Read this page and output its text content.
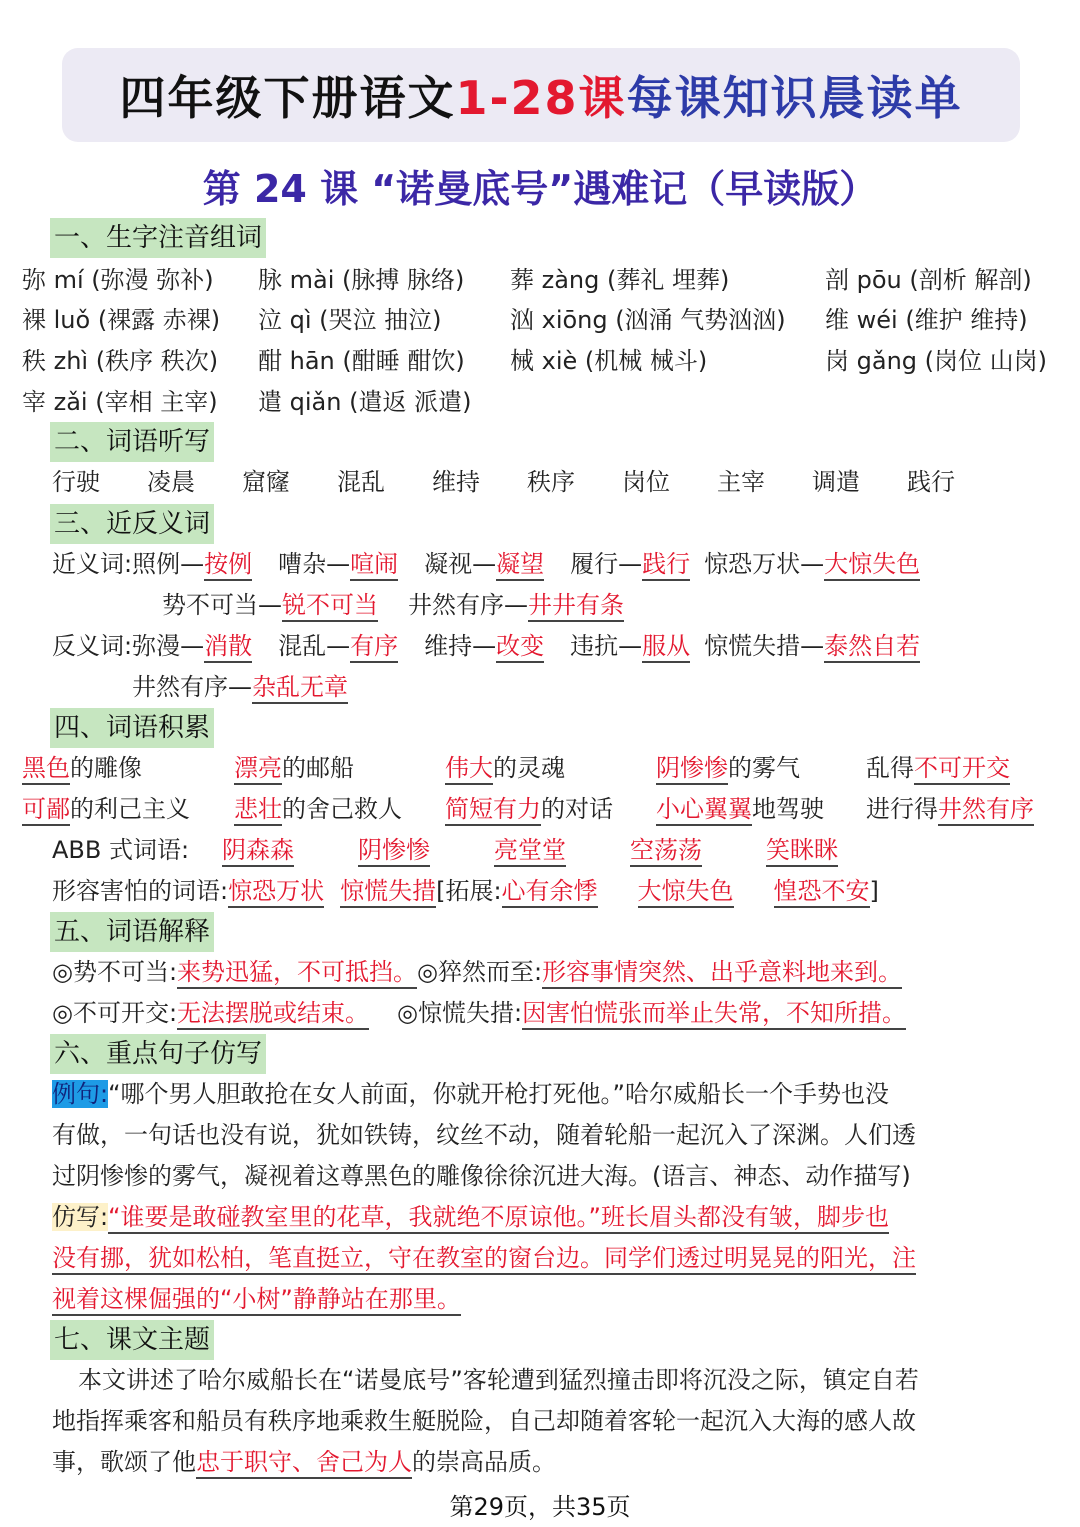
四年级下册语文 1-28课 每课知识晨读单
第 24 课 “诺曼底号”遇难记（早读版）
一、生字注音组词
弥 mí (弥漫 弥补) 脉 mài (脉搏 脉络) 葬 zàng (葬礼 埋葬)	剖 pōu (剖析 解剖)
裸 luǒ (裸露 赤裸) 泣 qì (哭泣 抽泣)	汹 xiōng (汹涌 气势汹汹) 维 wéi (维护 维持)
秩 zhì (秩序 秩次) 酣 hān (酣睡 酣饮) 械 xiè (机械 械斗)	岗 gǎng (岗位 山岗)
宰 zǎi (宰相 主宰) 遣 qiǎn (遣返 派遣)
二、词语听写
行驶 凌晨 窟窿 混乱 维持 秩序 岗位 主宰 调遣 践行
三、近反义词
近义词:照例—按例 嘈杂—喧闹 凝视—凝望 履行—践行 惊恐万状—大惊失色
势不可当—锐不可当 井然有序—井井有条
反义词:弥漫—消散 混乱—有序 维持—改变 违抗—服从 惊慌失措—泰然自若
井然有序—杂乱无章
四、词语积累
黑色的雕像	漂亮的邮船	伟大的灵魂	阴惨惨的雾气	乱得不可开交
可鄙的利己主义 悲壮的舍己救人 简短有力的对话 小心翼翼地驾驶 进行得井然有序
ABB 式词语: 阴森森	阴惨惨	亮堂堂	空荡荡	笑眯眯
形容害怕的词语:惊恐万状 惊慌失措[拓展:心有余悸 大惊失色 惶恐不安]
五、词语解释
◎势不可当:来势迅猛，不可抵挡。◎猝然而至:形容事情突然、出乎意料地来到。
◎不可开交:无法摆脱或结束。 ◎惊慌失措:因害怕慌张而举止失常，不知所措。
六、重点句子仿写
例句:“哪个男人胆敢抢在女人前面，你就开枪打死他。”哈尔威船长一个手势也没
有做，一句话也没有说，犹如铁铸，纹丝不动，随着轮船一起沉入了深渊。人们透
过阴惨惨的雾气，凝视着这尊黑色的雕像徐徐沉进大海。(语言、神态、动作描写)
仿写:“谁要是敢碰教室里的花草，我就绝不原谅他。”班长眉头都没有皱，脚步也
没有挪，犹如松柏，笔直挺立，守在教室的窗台边。同学们透过明晃晃的阳光，注
视着这棵倔强的“小树”静静站在那里。
七、课文主题
本文讲述了哈尔威船长在“诺曼底号”客轮遭到猛烈撞击即将沉没之际，镇定自若
地指挥乘客和船员有秩序地乘救生艇脱险，自己却随着客轮一起沉入大海的感人故
事，歌颂了他忠于职守、舍己为人的崇高品质。
第29页，共35页
